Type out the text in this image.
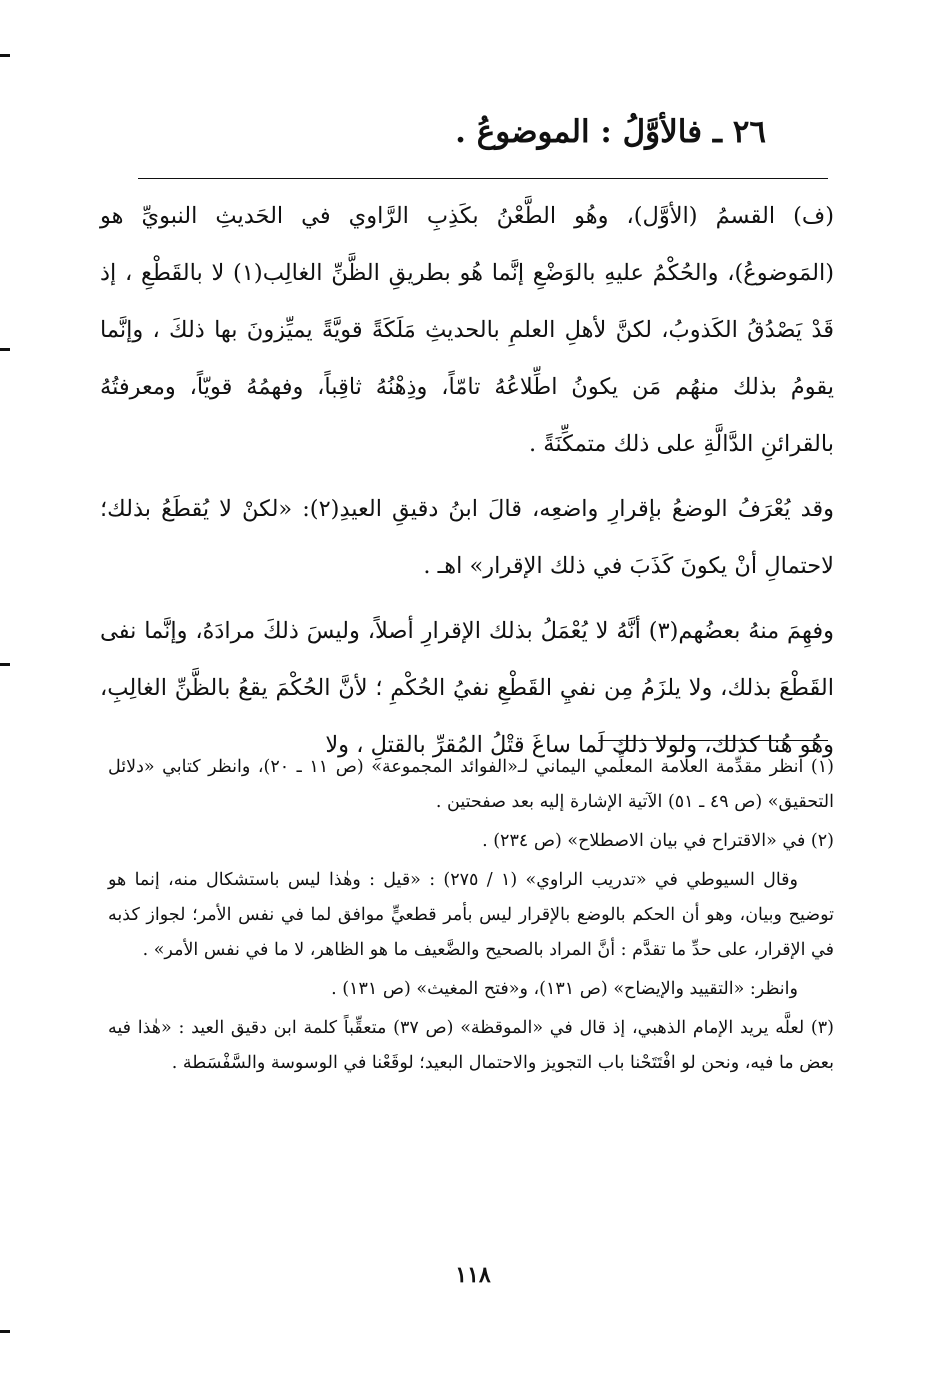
٢٦ ـ فالأوَّلُ : الموضوعُ .

(ف) القسمُ (الأوَّل)، وهُو الطَّعْنُ بكَذِبِ الرَّاوي في الحَديثِ النبويِّ هو (المَوضوعُ)، والحُكْمُ عليهِ بالوَضْعِ إنَّما هُو بطريقِ الظَّنِّ الغالِب(١) لا بالقَطْعِ ، إذ قَدْ يَصْدُقُ الكَذوبُ، لكنَّ لأهلِ العلمِ بالحديثِ مَلَكَةً قويَّةً يميِّزونَ بها ذلكَ ، وإنَّما يقومُ بذلك منهُم مَن يكونُ اطِّلاعُهُ تامّاً، وذِهْنُهُ ثاقِباً، وفهمُهُ قويّاً، ومعرفتُهُ بالقرائنِ الدَّالَّةِ على ذلك متمكِّنَةً .

وقد يُعْرَفُ الوضعُ بإقرارِ واضعِه، قالَ ابنُ دقيقِ العيدِ(٢): «لكنْ لا يُقطَعُ بذلك؛ لاحتمالِ أنْ يكونَ كَذَبَ في ذلك الإقرار» اهـ .

وفهِمَ منهُ بعضُهم(٣) أنَّهُ لا يُعْمَلُ بذلك الإقرارِ أصلاً، وليسَ ذلكَ مرادَهُ، وإنَّما نفى القَطْعَ بذلك، ولا يلزَمُ مِن نفيِ القَطْعِ نفيُ الحُكْمِ ؛ لأنَّ الحُكْمَ يقعُ بالظَّنِّ الغالِبِ، وهُو هُنا كذلك، ولولا ذلك لَما ساغَ قتْلُ المُقرِّ بالقتلِ ، ولا

(١) انظر مقدِّمة العلامة المعلِّمي اليماني لـ«الفوائد المجموعة» (ص ١١ ـ ٢٠)، وانظر كتابي «دلائل التحقيق» (ص ٤٩ ـ ٥١) الآتية الإشارة إليه بعد صفحتين .

(٢) في «الاقتراح في بيان الاصطلاح» (ص ٢٣٤) .

وقال السيوطي في «تدريب الراوي» (١ / ٢٧٥) : «قيل : وهٰذا ليس باستشكال منه، إنما هو توضيح وبيان، وهو أن الحكم بالوضع بالإقرار ليس بأمر قطعيٍّ موافق لما في نفس الأمر؛ لجواز كذبه في الإقرار، على حدِّ ما تقدَّم : أنَّ المراد بالصحيح والضَّعيف ما هو الظاهر، لا ما في نفس الأمر» .

وانظر: «التقييد والإيضاح» (ص ١٣١)، و«فتح المغيث» (ص ١٣١) .

(٣) لعلَّه يريد الإمام الذهبي، إذ قال في «الموقظة» (ص ٣٧) متعقِّباً كلمة ابن دقيق العيد : «هٰذا فيه بعض ما فيه، ونحن لو افْتَتَحْنا باب التجويز والاحتمال البعيد؛ لوقَعْنا في الوسوسة والسَّفْسَطة .

١١٨
